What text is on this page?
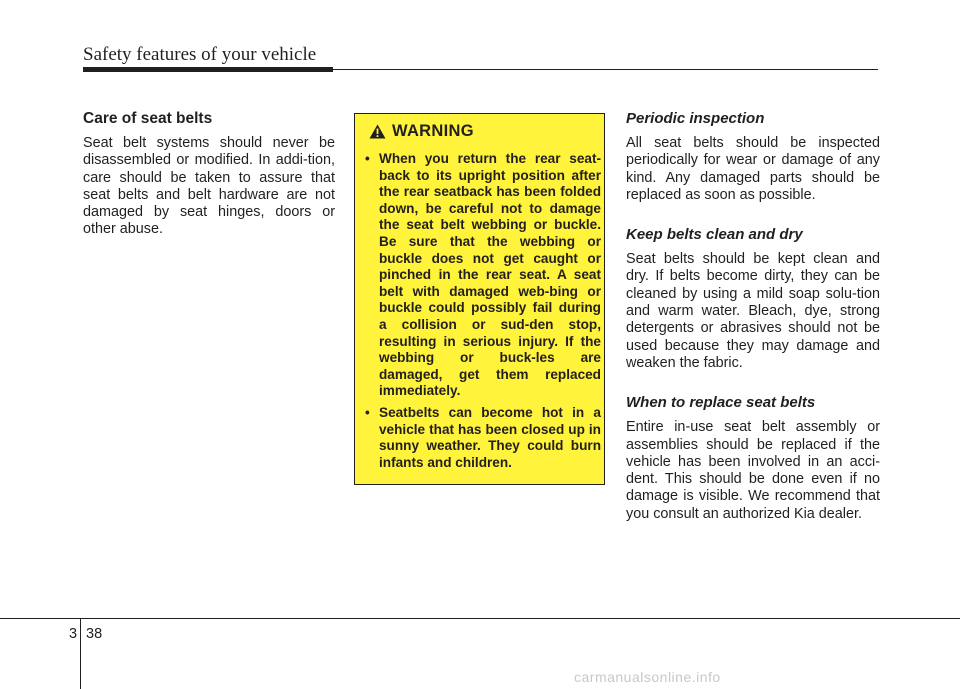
Safety features of your vehicle
Care of seat belts

Seat belt systems should never be disassembled or modified. In addi-tion, care should be taken to assure that seat belts and belt hardware are not damaged by seat hinges, doors or other abuse.

WARNING
• When you return the rear seat-back to its upright position after the rear seatback has been folded down, be careful not to damage the seat belt webbing or buckle. Be sure that the webbing or buckle does not get caught or pinched in the rear seat. A seat belt with damaged web-bing or buckle could possibly fail during a collision or sud-den stop, resulting in serious injury. If the webbing or buck-les are damaged, get them replaced immediately.
• Seatbelts can become hot in a vehicle that has been closed up in sunny weather. They could burn infants and children.
Periodic inspection

All seat belts should be inspected periodically for wear or damage of any kind. Any damaged parts should be replaced as soon as possible.

Keep belts clean and dry

Seat belts should be kept clean and dry. If belts become dirty, they can be cleaned by using a mild soap solu-tion and warm water. Bleach, dye, strong detergents or abrasives should not be used because they may damage and weaken the fabric.

When to replace seat belts

Entire in-use seat belt assembly or assemblies should be replaced if the vehicle has been involved in an acci-dent. This should be done even if no damage is visible. We recommend that you consult an authorized Kia dealer.

3 38
carmanualsonline.info
